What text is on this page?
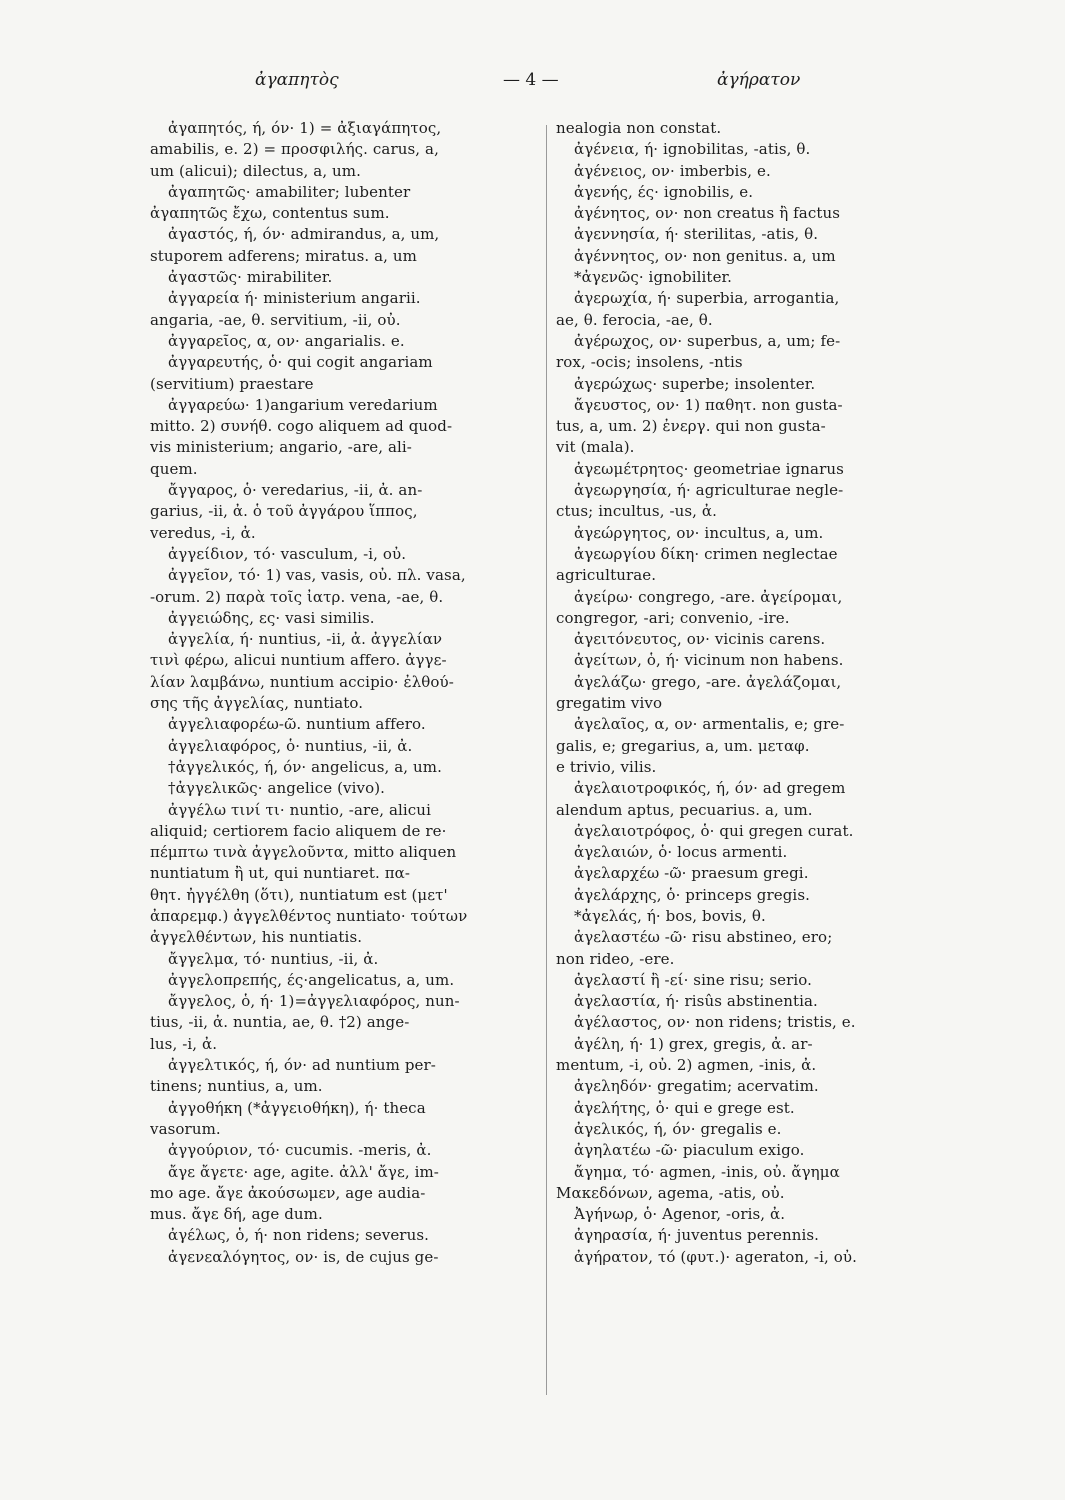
ἀγαπητὸς	— 4 —	ἀγήρατον
ἀγαπητός, ή, όν· 1) = ἀξιαγάπητος,
amabilis, e. 2) = προσφιλής. carus, a,
um (alicui); dilectus, a, um.
ἀγαπητῶς· amabiliter; lubenter
ἀγαπητῶς ἔχω, contentus sum.
ἀγαστός, ή, όν· admirandus, a, um,
stuporem adferens; miratus. a, um
ἀγαστῶς· mirabiliter.
ἀγγαρεία ή· ministerium angarii.
angaria, -ae, θ. servitium, -ii, οὐ.
ἀγγαρεῖος, α, ον· angarialis. e.
ἀγγαρευτής, ὁ· qui cogit angariam
(servitium) praestare
ἀγγαρεύω· 1)angarium veredarium
mitto. 2) συνήθ. cogo aliquem ad quod-
vis ministerium; angario, -are, ali-
quem.
ἄγγαρος, ὁ· veredarius, -ii, ἀ. an-
garius, -ii, ἀ. ὁ τοῦ ἀγγάρου ἵππος,
veredus, -i, ἀ.
ἀγγείδιον, τό· vasculum, -i, οὐ.
ἀγγεῖον, τό· 1) vas, vasis, οὐ. πλ. vasa,
-orum. 2) παρὰ τοῖς ἰατρ. vena, -ae, θ.
ἀγγειώδης, ες· vasi similis.
ἀγγελία, ή· nuntius, -ii, ἀ. ἀγγελίαν
τινὶ φέρω, alicui nuntium affero. ἀγγε-
λίαν λαμβάνω, nuntium accipio· ἐλθού-
σης τῆς ἀγγελίας, nuntiato.
ἀγγελιαφορέω-ῶ. nuntium affero.
ἀγγελιαφόρος, ὁ· nuntius, -ii, ἀ.
†ἀγγελικός, ή, όν· angelicus, a, um.
†ἀγγελικῶς· angelice (vivo).
ἀγγέλω τινί τι· nuntio, -are, alicui
aliquid; certiorem facio aliquem de re·
πέμπτω τινὰ ἀγγελοῦντα, mitto aliquen
nuntiatum ἢ ut, qui nuntiaret. πα-
θητ. ἠγγέλθη (ὅτι), nuntiatum est (μετ'
ἀπαρεμφ.) ἀγγελθέντος nuntiato· τούτων
ἀγγελθέντων, his nuntiatis.
ἄγγελμα, τό· nuntius, -ii, ἀ.
ἀγγελοπρεπής, ές·angelicatus, a, um.
ἄγγελος, ὁ, ή· 1)=ἀγγελιαφόρος, nun-
tius, -ii, ἀ. nuntia, ae, θ. †2) ange-
lus, -i, ἀ.
ἀγγελτικός, ή, όν· ad nuntium per-
tinens; nuntius, a, um.
ἀγγοθήκη (*ἀγγειοθήκη), ή· theca
vasorum.
ἀγγούριον, τό· cucumis. -meris, ἀ.
ἄγε ἄγετε· age, agite. ἀλλ' ἄγε, im-
mo age. ἄγε ἀκούσωμεν, age audia-
mus. ἄγε δή, age dum.
ἀγέλως, ὁ, ή· non ridens; severus.
ἀγενεαλόγητος, ον· is, de cujus ge-
nealogia non constat.
ἀγένεια, ή· ignobilitas, -atis, θ.
ἀγένειος, ον· imberbis, e.
ἀγενής, ές· ignobilis, e.
ἀγένητος, ον· non creatus ἢ factus
ἀγεννησία, ή· sterilitas, -atis, θ.
ἀγέννητος, ον· non genitus. a, um
*ἀγενῶς· ignobiliter.
ἀγερωχία, ή· superbia, arrogantia,
ae, θ. ferocia, -ae, θ.
ἀγέρωχος, ον· superbus, a, um; fe-
rox, -ocis; insolens, -ntis
ἀγερώχως· superbe; insolenter.
ἄγευστος, ον· 1) παθητ. non gusta-
tus, a, um. 2) ἐνεργ. qui non gusta-
vit (mala).
ἀγεωμέτρητος· geometriae ignarus
ἀγεωργησία, ή· agriculturae negle-
ctus; incultus, -us, ἀ.
ἀγεώργητος, ον· incultus, a, um.
ἀγεωργίου δίκη· crimen neglectae
agriculturae.
ἀγείρω· congrego, -are. ἀγείρομαι,
congregor, -ari; convenio, -ire.
ἀγειτόνευτος, ον· vicinis carens.
ἀγείτων, ὁ, ή· vicinum non habens.
ἀγελάζω· grego, -are. ἀγελάζομαι,
gregatim vivo
ἀγελαῖος, α, ον· armentalis, e; gre-
galis, e; gregarius, a, um. μεταφ.
e trivio, vilis.
ἀγελαιοτροφικός, ή, όν· ad gregem
alendum aptus, pecuarius. a, um.
ἀγελαιοτρόφος, ὁ· qui gregen curat.
ἀγελαιών, ὁ· locus armenti.
ἀγελαρχέω -ῶ· praesum gregi.
ἀγελάρχης, ὁ· princeps gregis.
*ἀγελάς, ή· bos, bovis, θ.
ἀγελαστέω -ῶ· risu abstineo, ero;
non rideo, -ere.
ἀγελαστί ἢ -εί· sine risu; serio.
ἀγελαστία, ή· risûs abstinentia.
ἀγέλαστος, ον· non ridens; tristis, e.
ἀγέλη, ή· 1) grex, gregis, ἀ. ar-
mentum, -i, οὐ. 2) agmen, -inis, ἀ.
ἀγεληδόν· gregatim; acervatim.
ἀγελήτης, ὁ· qui e grege est.
ἀγελικός, ή, όν· gregalis e.
ἀγηλατέω -ῶ· piaculum exigo.
ἄγημα, τό· agmen, -inis, οὐ. ἄγημα
Μακεδόνων, agema, -atis, οὐ.
Ἀγήνωρ, ὁ· Agenor, -oris, ἀ.
ἀγηρασία, ή· juventus perennis.
ἀγήρατον, τό (φυτ.)· ageraton, -i, οὐ.
